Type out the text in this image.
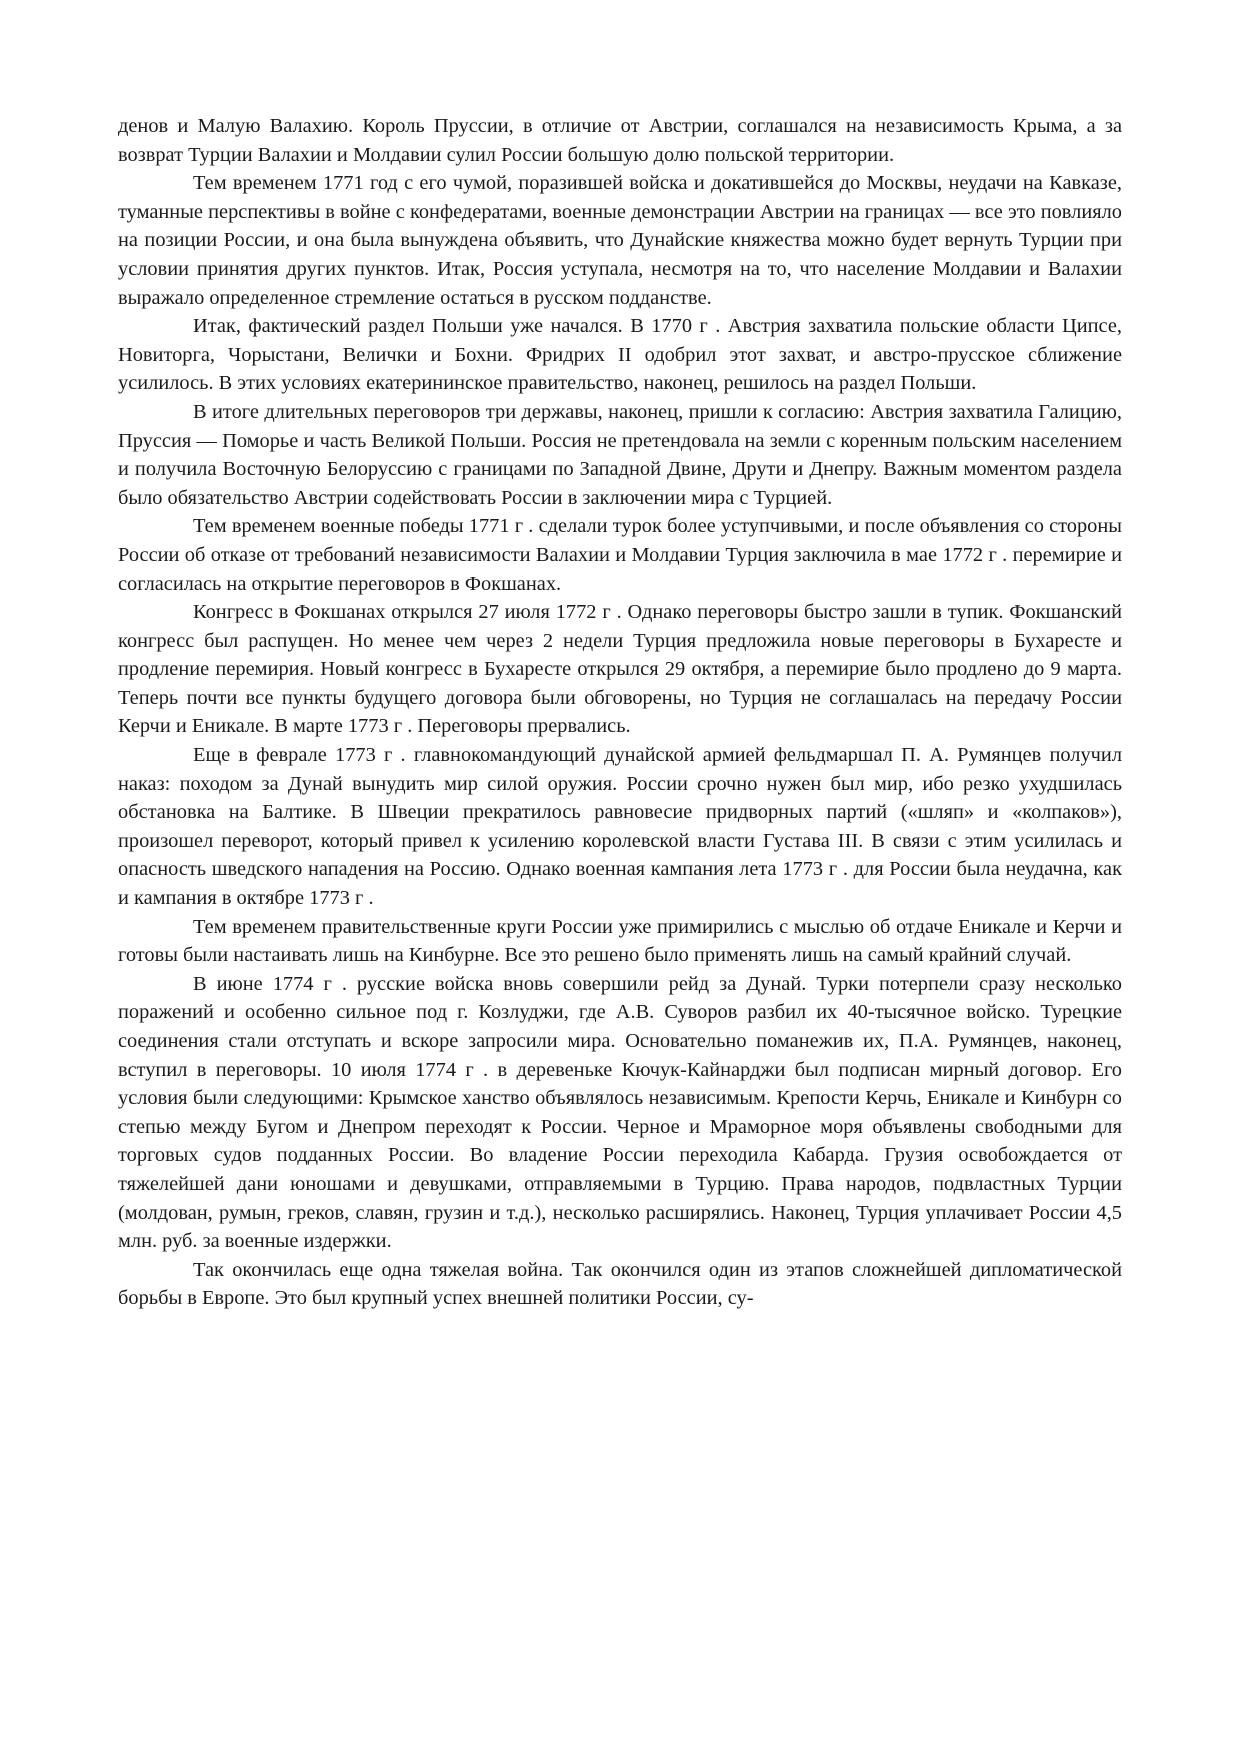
денов и Малую Валахию. Король Пруссии, в отличие от Австрии, соглашался на независимость Крыма, а за возврат Турции Валахии и Молдавии сулил России большую долю польской территории.

Тем временем 1771 год с его чумой, поразившей войска и докатившейся до Москвы, неудачи на Кавказе, туманные перспективы в войне с конфедератами, военные демонстрации Австрии на границах — все это повлияло на позиции России, и она была вынуждена объявить, что Дунайские княжества можно будет вернуть Турции при условии принятия других пунктов. Итак, Россия уступала, несмотря на то, что население Молдавии и Валахии выражало определенное стремление остаться в русском подданстве.

Итак, фактический раздел Польши уже начался. В 1770 г . Австрия захватила польские области Ципсе, Новиторга, Чорыстани, Велички и Бохни. Фридрих II одобрил этот захват, и австро-прусское сближение усилилось. В этих условиях екатерининское правительство, наконец, решилось на раздел Польши.

В итоге длительных переговоров три державы, наконец, пришли к согласию: Австрия захватила Галицию, Пруссия — Поморье и часть Великой Польши. Россия не претендовала на земли с коренным польским населением и получила Восточную Белоруссию с границами по Западной Двине, Друти и Днепру. Важным моментом раздела было обязательство Австрии содействовать России в заключении мира с Турцией.

Тем временем военные победы 1771 г . сделали турок более уступчивыми, и после объявления со стороны России об отказе от требований независимости Валахии и Молдавии Турция заключила в мае 1772 г . перемирие и согласилась на открытие переговоров в Фокшанах.

Конгресс в Фокшанах открылся 27 июля 1772 г . Однако переговоры быстро зашли в тупик. Фокшанский конгресс был распущен. Но менее чем через 2 недели Турция предложила новые переговоры в Бухаресте и продление перемирия. Новый конгресс в Бухаресте открылся 29 октября, а перемирие было продлено до 9 марта. Теперь почти все пункты будущего договора были обговорены, но Турция не соглашалась на передачу России Керчи и Еникале. В марте 1773 г . Переговоры прервались.

Еще в феврале 1773 г . главнокомандующий дунайской армией фельдмаршал П. А. Румянцев получил наказ: походом за Дунай вынудить мир силой оружия. России срочно нужен был мир, ибо резко ухудшилась обстановка на Балтике. В Швеции прекратилось равновесие придворных партий («шляп» и «колпаков»), произошел переворот, который привел к усилению королевской власти Густава III. В связи с этим усилилась и опасность шведского нападения на Россию. Однако военная кампания лета 1773 г . для России была неудачна, как и кампания в октябре 1773 г .

Тем временем правительственные круги России уже примирились с мыслью об отдаче Еникале и Керчи и готовы были настаивать лишь на Кинбурне. Все это решено было применять лишь на самый крайний случай.

В июне 1774 г . русские войска вновь совершили рейд за Дунай. Турки потерпели сразу несколько поражений и особенно сильное под г. Козлуджи, где А.В. Суворов разбил их 40-тысячное войско. Турецкие соединения стали отступать и вскоре запросили мира. Основательно поманежив их, П.А. Румянцев, наконец, вступил в переговоры. 10 июля 1774 г . в деревеньке Кючук-Кайнарджи был подписан мирный договор. Его условия были следующими: Крымское ханство объявлялось независимым. Крепости Керчь, Еникале и Кинбурн со степью между Бугом и Днепром переходят к России. Черное и Мраморное моря объявлены свободными для торговых судов подданных России. Во владение России переходила Кабарда. Грузия освобождается от тяжелейшей дани юношами и девушками, отправляемыми в Турцию. Права народов, подвластных Турции (молдован, румын, греков, славян, грузин и т.д.), несколько расширялись. Наконец, Турция уплачивает России 4,5 млн. руб. за военные издержки.

Так окончилась еще одна тяжелая война. Так окончился один из этапов сложнейшей дипломатической борьбы в Европе. Это был крупный успех внешней политики России, су-
